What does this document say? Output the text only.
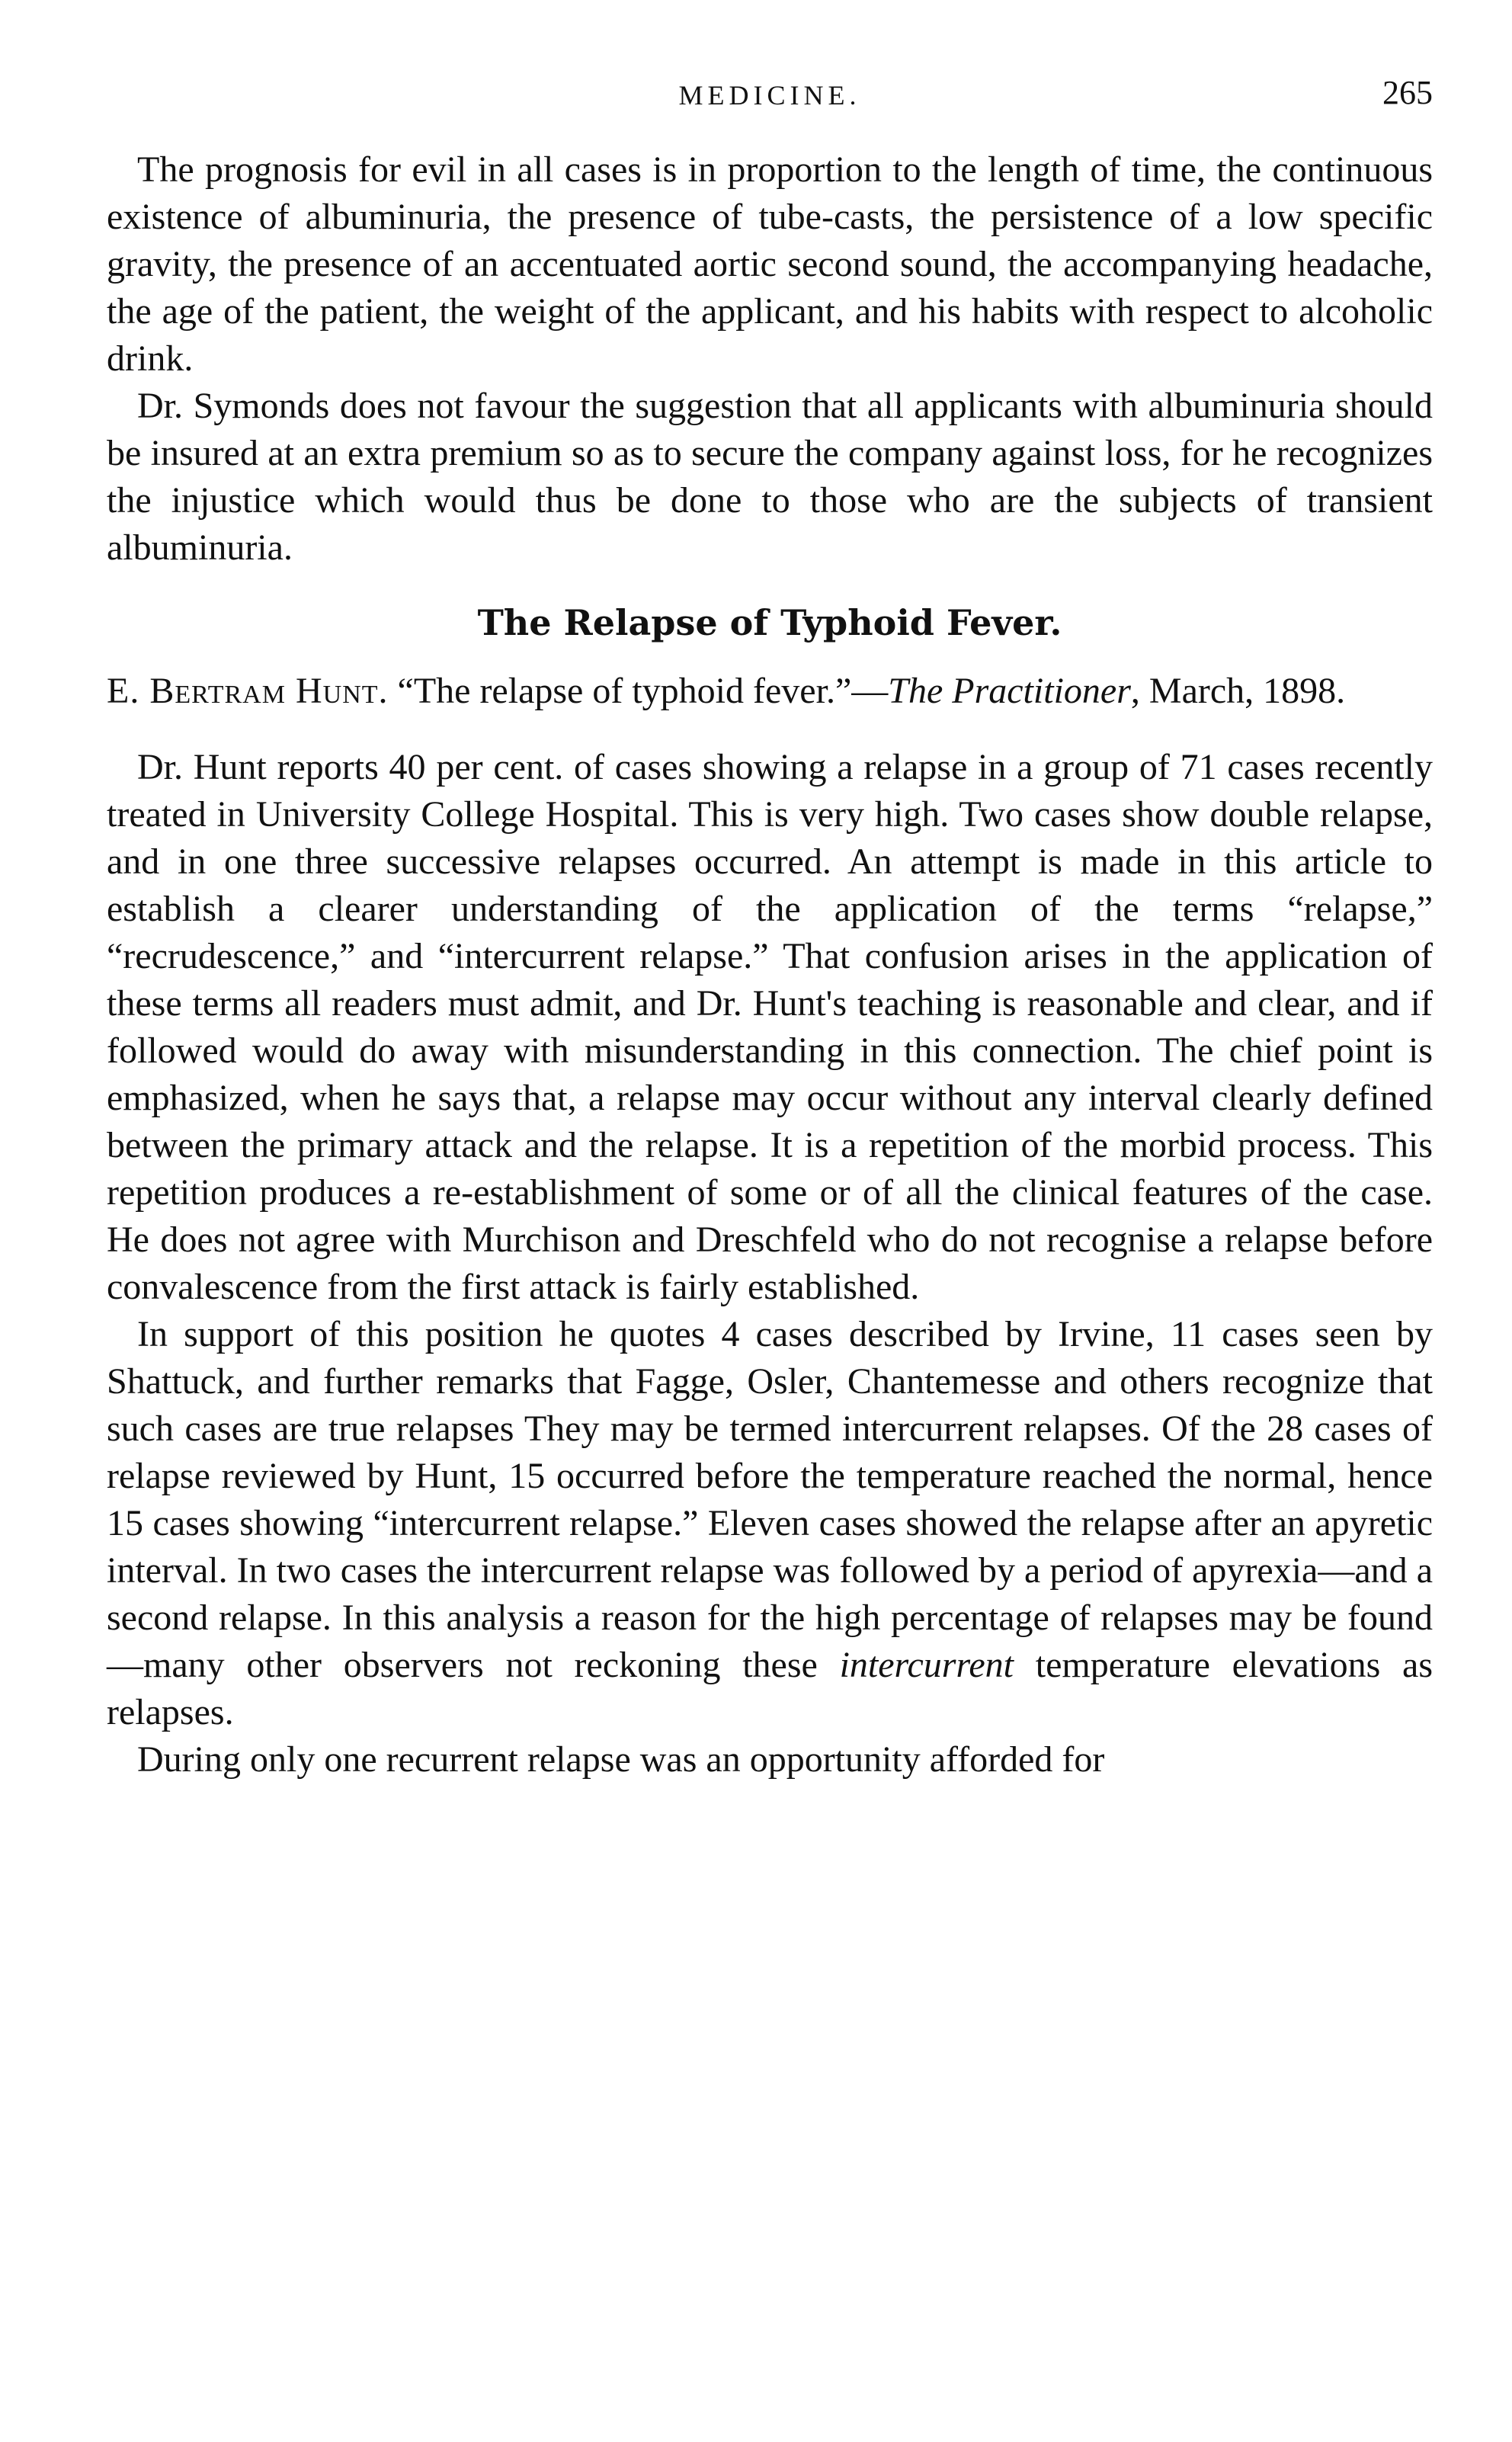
MEDICINE.	265

The prognosis for evil in all cases is in proportion to the length of time, the continuous existence of albuminuria, the presence of tube-casts, the persistence of a low specific gravity, the presence of an accentuated aortic second sound, the accompanying headache, the age of the patient, the weight of the applicant, and his habits with respect to alcoholic drink.

Dr. Symonds does not favour the suggestion that all applicants with albuminuria should be insured at an extra premium so as to secure the company against loss, for he recognizes the injustice which would thus be done to those who are the subjects of transient albuminuria.

The Relapse of Typhoid Fever.

E. Bertram Hunt. “The relapse of typhoid fever.”—The Practitioner, March, 1898.

Dr. Hunt reports 40 per cent. of cases showing a relapse in a group of 71 cases recently treated in University College Hospital. This is very high. Two cases show double relapse, and in one three successive relapses occurred. An attempt is made in this article to establish a clearer understanding of the application of the terms “relapse,” “recrudescence,” and “intercurrent relapse.” That confusion arises in the application of these terms all readers must admit, and Dr. Hunt's teaching is reasonable and clear, and if followed would do away with misunderstanding in this connection. The chief point is emphasized, when he says that, a relapse may occur without any interval clearly defined between the primary attack and the relapse. It is a repetition of the morbid process. This repetition produces a re-establishment of some or of all the clinical features of the case. He does not agree with Murchison and Dreschfeld who do not recognise a relapse before convalescence from the first attack is fairly established.

In support of this position he quotes 4 cases described by Irvine, 11 cases seen by Shattuck, and further remarks that Fagge, Osler, Chantemesse and others recognize that such cases are true relapses They may be termed intercurrent relapses. Of the 28 cases of relapse reviewed by Hunt, 15 occurred before the temperature reached the normal, hence 15 cases showing “intercurrent relapse.” Eleven cases showed the relapse after an apyretic interval. In two cases the intercurrent relapse was followed by a period of apyrexia—and a second relapse. In this analysis a reason for the high percentage of relapses may be found—many other observers not reckoning these intercurrent temperature elevations as relapses.

During only one recurrent relapse was an opportunity afforded for
